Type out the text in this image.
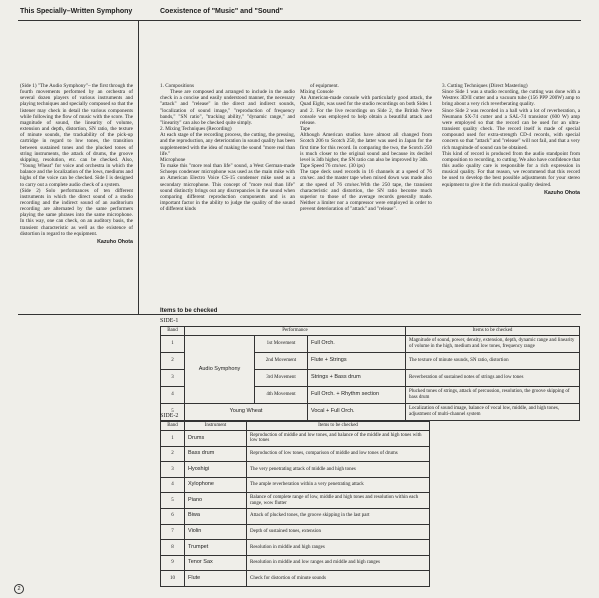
This Specially–Written Symphony	Coexistence of "Music" and "Sound"

(Side 1) "The Audio Symphony"– the first through the fourth movements performed by an orchestra of several dozen players of various instruments and playing techniques and specially composed so that the listener may check in detail the various components while following the flow of music with the score. The magnitude of sound, the linearity of volume, extension and depth, distortion, SN ratio, the texture of minute sounds, the trackability of the pick-up cartridge in regard to low tones, the transition between sustained tones and the plucked tones of string instruments, the attack of drums, the groove skipping, resolution, etc. can be checked. Also, "Young Wheat" for voice and orchestra in which the balance and the localization of the lows, mediums and highs of the voice can be checked. Side I is designed to carry out a complete audio check of a system.

(Side 2) Solo performances of ten different instruments in which the direct sound of a studio recording and the indirect sound of an auditorium recording are alternated by the same performers playing the same phrases into the same microphone. In this way, one can check, on an auditory basis, the transient characteristic as well as the existence of distortion in regard to the equipment.

Kazuho Ohota

1. Compositions

These are composed and arranged to include in the audio check in a concise and easily understood manner, the necessary "attack" and "release" in the direct and indirect sounds, "localization of sound image," "reproduction of frequency bands," "SN ratio", "tracking ability," "dynamic range," and "linearity" can also be checked quite simply.

2. Mixing Techniques (Recording)

At each stage of the recording process, the cutting, the pressing, and the reproduction, any deterioration in sound quality has been supplemented with the idea of making the sound "more real than life."

Microphone

To make this "more real than life" sound, a West German-made Schoeps condenser microphone was used as the main mike with an American Electro Voice CS-15 condenser mike used as a secondary microphone. This concept of "more real than life" sound distinctly brings out any discrepancies in the sound when comparing different reproduction components and is an important factor in the ability to judge the quality of the sound of different kinds

of equipment.

Mixing Console

An American-made console with particularly good attack, the Quad Eight, was used for the studio recordings on both Sides 1 and 2. For the live recordings on Side 2, the British Neve console was employed to help obtain a beautiful attack and release.

Tape

Although American studios have almost all changed from Scotch 206 to Scotch 250, the latter was used in Japan for the first time for this record. In comparing the two, the Scotch 250 is much closer to the original sound and because its decibel level is 3db higher, the SN ratio can also be improved by 3db.

Tape Speed 76 cm/sec. (30 ips)

The tape deck used records in 16 channels at a speed of 76 cm/sec. and the master tape when mixed down was made also at the speed of 76 cm/sec.With the 250 tape, the transient characteristic and distortion, the SN ratio become much superior to those of the average records generally made. Neither a limiter nor a compressor were employed in order to prevent deterioration of "attack" and "release".

3. Cutting Techniques (Direct Mastering)

Since Side 1 was a studio recording, the cutting was done with a Westrex 3D/II cutter and a vacuum tube (156 PPP 200W) amp to bring about a very rich reverberating quality.

Since Side 2 was recorded in a hall with a lot of reverberation, a Neumann SX-74 cutter and a SAL-74 transistor (600 W) amp were employed so that the record can be used for an ultra-transient quality check. The record itself is made of special compound used for extra-strength CD-4 records, with special concern so that "attack" and "release" will not fail, and that a very rich magnitude of sound can be obtained.

This kind of record is produced from the audio standpoint from composition to recording, to cutting. We also have confidence that this audio quality care is responsible for a rich expression in musical quality. For that reason, we recommend that this record be used to develop the best possible adjustments for your stereo equipment to give it the rich musical quality desired.

Kazuho Ohota
Items to be checked
SIDE-1
Band	Performance			Items to be checked
1	Audio Symphony	1st Movement	Full Orch.	Magnitude of sound, power, density, extension, depth, dynamic range and linearity of volume in the high, medium and low tones, frequency range
2		2nd Movement	Flute + Strings	The texture of minute sounds, SN ratio, distortion
3		3rd Movement	Strings + Bass drum	Reverberation of sustained notes of strings and low tones
4		4th Movement	Full Orch. + Rhythm section	Plucked tones of strings, attack of percussion, resolution, the groove skipping of bass drum
5	Young Wheat		Vocal + Full Orch.	Localization of sound image, balance of vocal low, middle, and high tones, adjustment of multi-channel system
SIDE-2
Band	Instrument	Items to be checked
1	Drums	Reproduction of middle and low tones, and balance of the middle and high tones with low tones
2	Bass drum	Reproduction of low tones, comparison of middle and low tones of drums
3	Hyoshigi	The very penetrating attack of middle and high tones
4	Xylophone	The ample reverberation within a very penetrating attack
5	Piano	Balance of complete range of low, middle and high tones and resolution within each range, wow flutter
6	Biwa	Attack of plucked tones, the groove skipping in the last part
7	Violin	Depth of sustained tones, extension
8	Trumpet	Resolution in middle and high ranges
9	Tenor Sax	Resolution in middle and low ranges and middle and high ranges
10	Flute	Check for distortion of minute sounds
2
